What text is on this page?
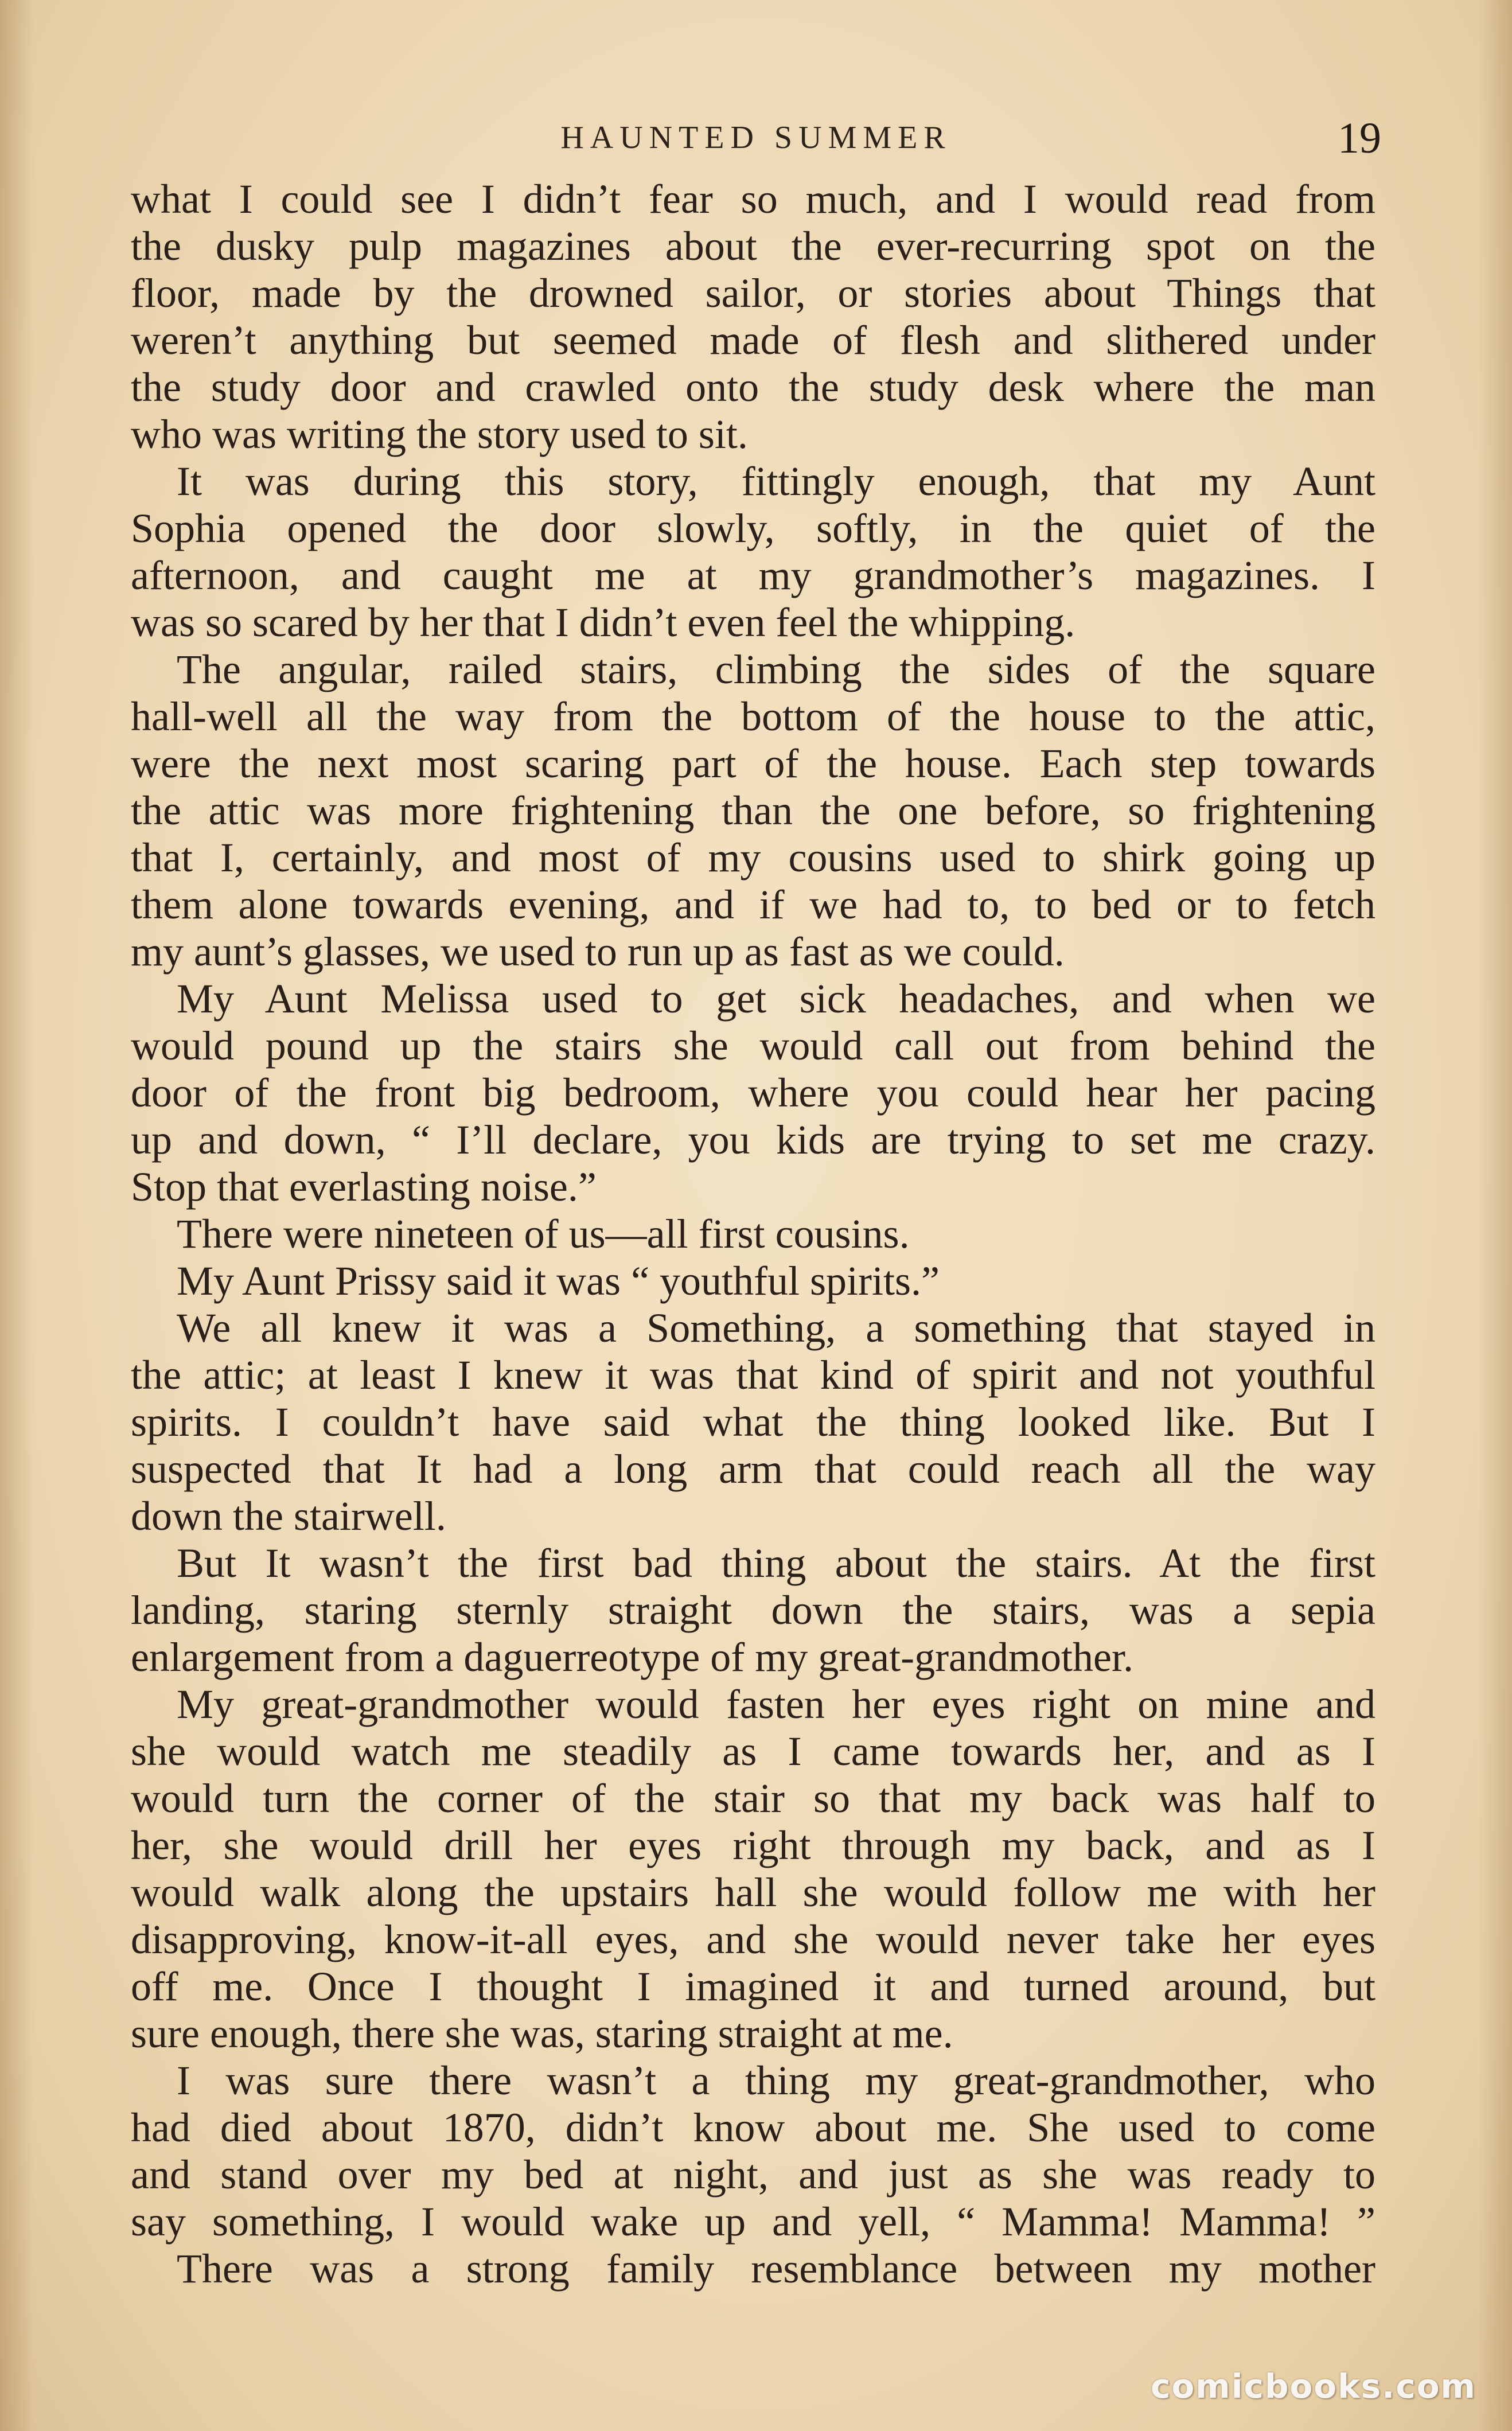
HAUNTED SUMMER	19
what I could see I didn’t fear so much, and I would read from
the dusky pulp magazines about the ever-recurring spot on the
floor, made by the drowned sailor, or stories about Things that
weren’t anything but seemed made of flesh and slithered under
the study door and crawled onto the study desk where the man
who was writing the story used to sit.
It was during this story, fittingly enough, that my Aunt
Sophia opened the door slowly, softly, in the quiet of the
afternoon, and caught me at my grandmother’s magazines. I
was so scared by her that I didn’t even feel the whipping.
The angular, railed stairs, climbing the sides of the square
hall-well all the way from the bottom of the house to the attic,
were the next most scaring part of the house. Each step towards
the attic was more frightening than the one before, so frightening
that I, certainly, and most of my cousins used to shirk going up
them alone towards evening, and if we had to, to bed or to fetch
my aunt’s glasses, we used to run up as fast as we could.
My Aunt Melissa used to get sick headaches, and when we
would pound up the stairs she would call out from behind the
door of the front big bedroom, where you could hear her pacing
up and down, “ I’ll declare, you kids are trying to set me crazy.
Stop that everlasting noise.”
There were nineteen of us—all first cousins.
My Aunt Prissy said it was “ youthful spirits.”
We all knew it was a Something, a something that stayed in
the attic; at least I knew it was that kind of spirit and not youthful
spirits. I couldn’t have said what the thing looked like. But I
suspected that It had a long arm that could reach all the way
down the stairwell.
But It wasn’t the first bad thing about the stairs. At the first
landing, staring sternly straight down the stairs, was a sepia
enlargement from a daguerreotype of my great-grandmother.
My great-grandmother would fasten her eyes right on mine and
she would watch me steadily as I came towards her, and as I
would turn the corner of the stair so that my back was half to
her, she would drill her eyes right through my back, and as I
would walk along the upstairs hall she would follow me with her
disapproving, know-it-all eyes, and she would never take her eyes
off me. Once I thought I imagined it and turned around, but
sure enough, there she was, staring straight at me.
I was sure there wasn’t a thing my great-grandmother, who
had died about 1870, didn’t know about me. She used to come
and stand over my bed at night, and just as she was ready to
say something, I would wake up and yell, “ Mamma! Mamma! ”
There was a strong family resemblance between my mother
comicbooks.com
